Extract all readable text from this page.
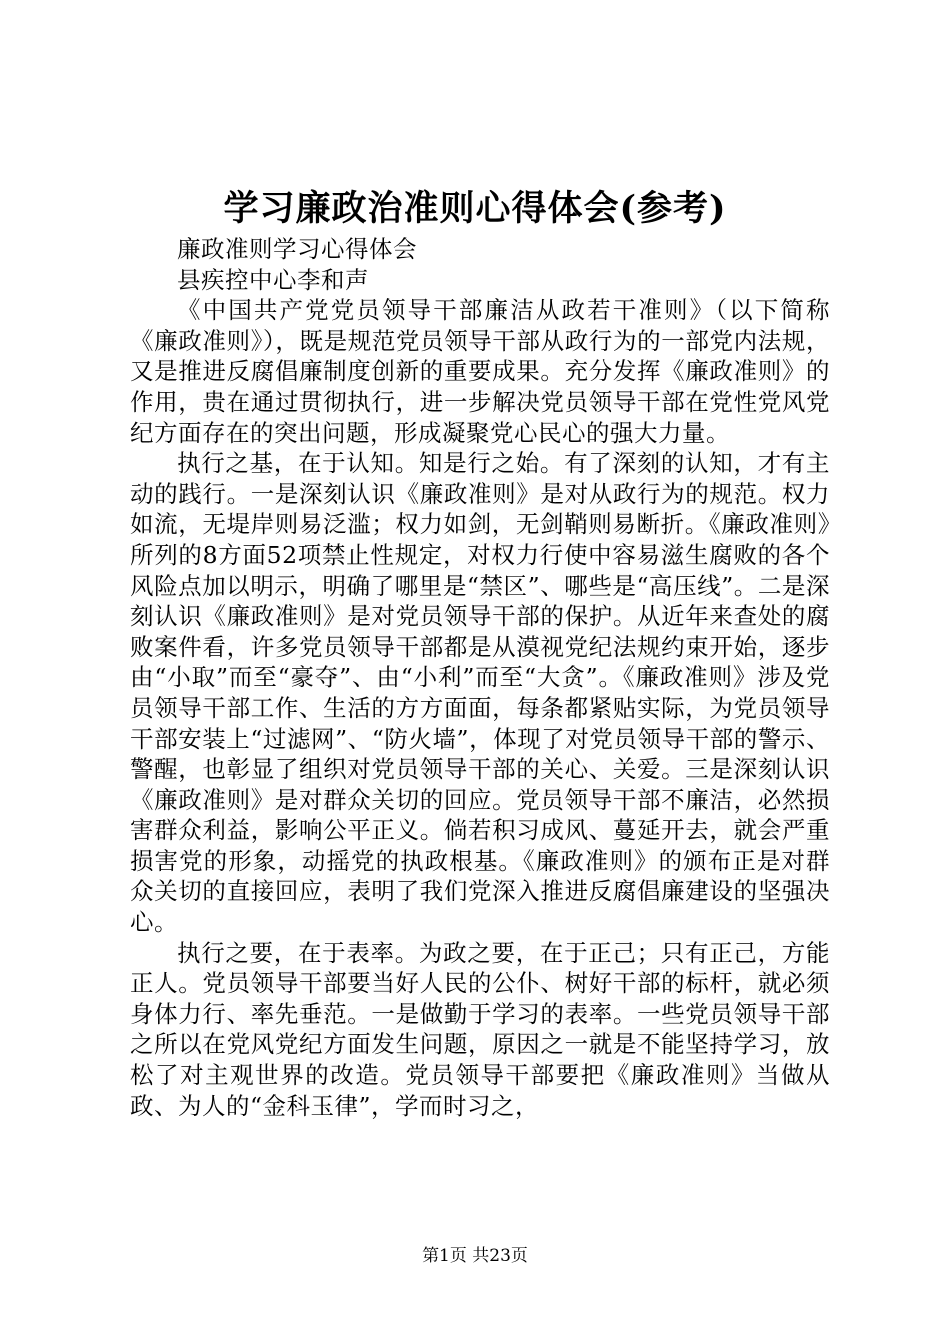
学习廉政治准则心得体会(参考)

廉政准则学习心得体会

县疾控中心李和声

《中国共产党党员领导干部廉洁从政若干准则》（以下简称《廉政准则》），既是规范党员领导干部从政行为的一部党内法规，又是推进反腐倡廉制度创新的重要成果。充分发挥《廉政准则》的作用，贵在通过贯彻执行，进一步解决党员领导干部在党性党风党纪方面存在的突出问题，形成凝聚党心民心的强大力量。

执行之基，在于认知。知是行之始。有了深刻的认知，才有主动的践行。一是深刻认识《廉政准则》是对从政行为的规范。权力如流，无堤岸则易泛滥；权力如剑，无剑鞘则易断折。《廉政准则》所列的8方面52项禁止性规定，对权力行使中容易滋生腐败的各个风险点加以明示，明确了哪里是“禁区”、哪些是“高压线”。二是深刻认识《廉政准则》是对党员领导干部的保护。从近年来查处的腐败案件看，许多党员领导干部都是从漠视党纪法规约束开始，逐步由“小取”而至“豪夺”、由“小利”而至“大贪”。《廉政准则》涉及党员领导干部工作、生活的方方面面，每条都紧贴实际，为党员领导干部安装上“过滤网”、“防火墙”，体现了对党员领导干部的警示、警醒，也彰显了组织对党员领导干部的关心、关爱。三是深刻认识《廉政准则》是对群众关切的回应。党员领导干部不廉洁，必然损害群众利益，影响公平正义。倘若积习成风、蔓延开去，就会严重损害党的形象，动摇党的执政根基。《廉政准则》的颁布正是对群众关切的直接回应，表明了我们党深入推进反腐倡廉建设的坚强决心。

执行之要，在于表率。为政之要，在于正己；只有正己，方能正人。党员领导干部要当好人民的公仆、树好干部的标杆，就必须身体力行、率先垂范。一是做勤于学习的表率。一些党员领导干部之所以在党风党纪方面发生问题，原因之一就是不能坚持学习，放松了对主观世界的改造。党员领导干部要把《廉政准则》当做从政、为人的“金科玉律”，学而时习之，

第1页 共23页
